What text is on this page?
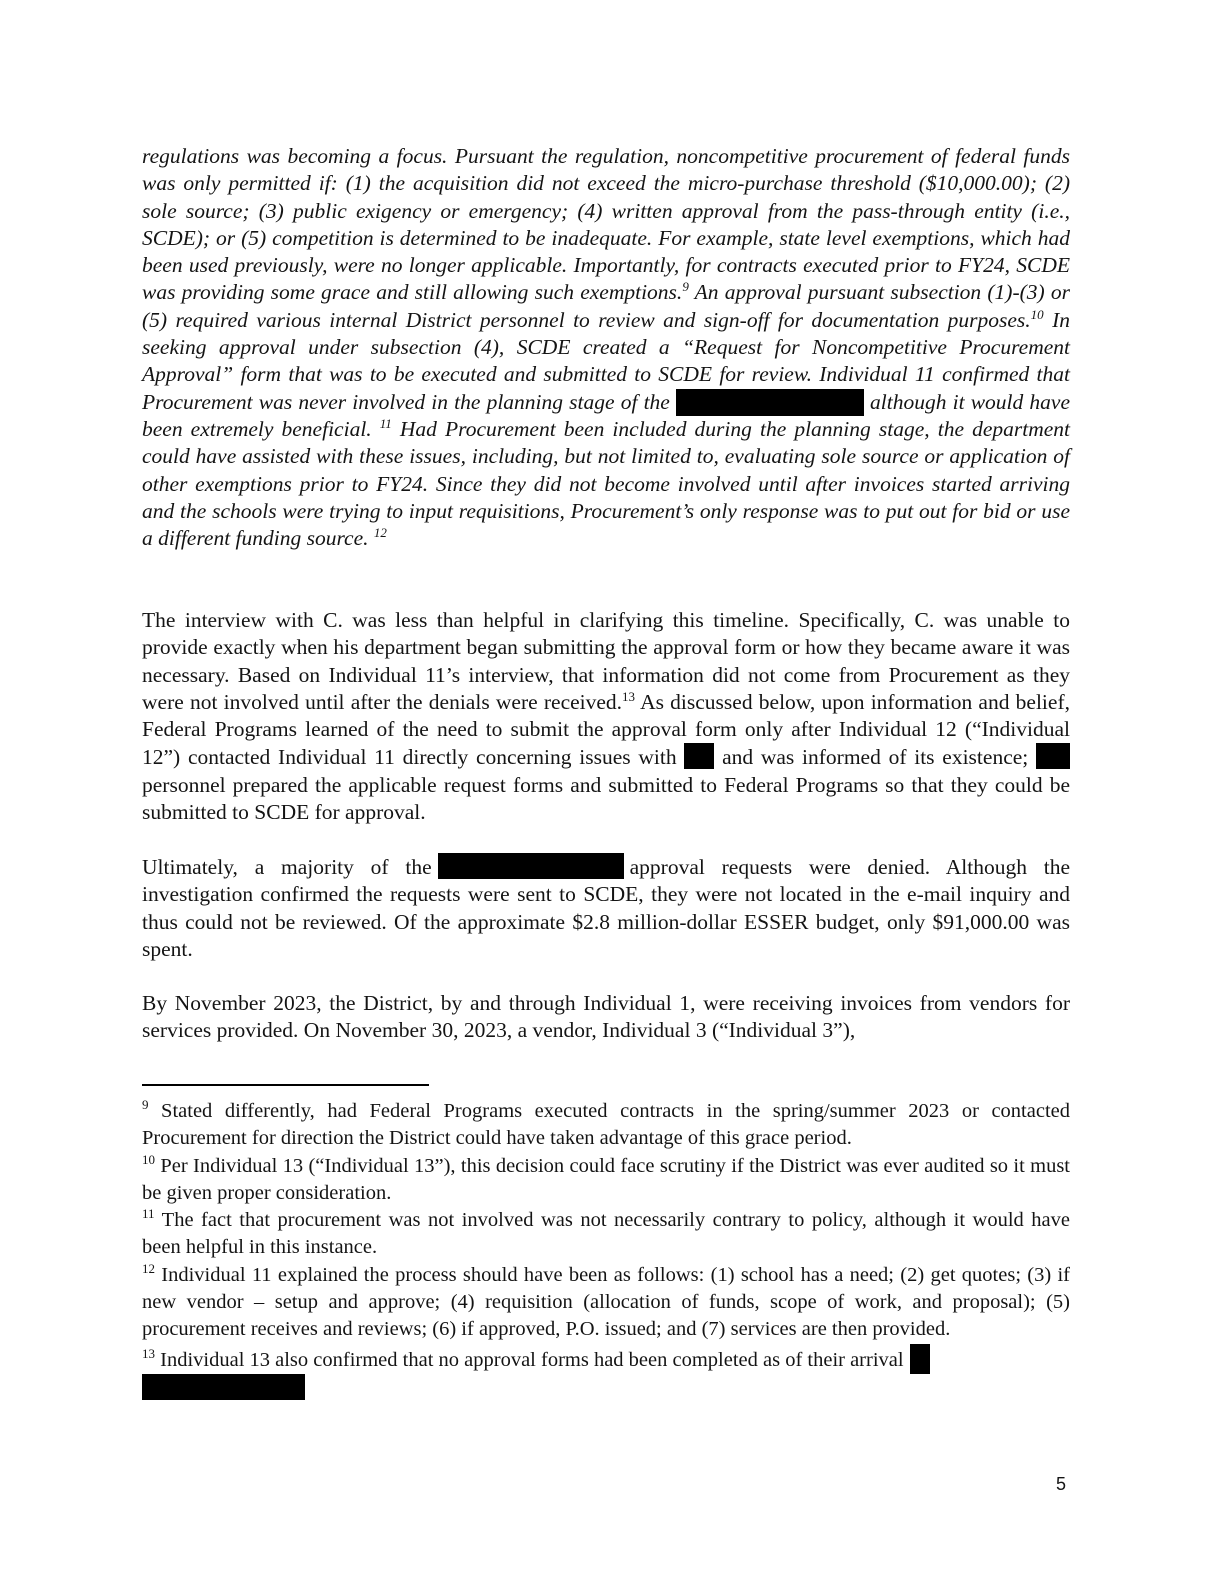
regulations was becoming a focus. Pursuant the regulation, noncompetitive procurement of federal funds was only permitted if: (1) the acquisition did not exceed the micro-purchase threshold ($10,000.00); (2) sole source; (3) public exigency or emergency; (4) written approval from the pass-through entity (i.e., SCDE); or (5) competition is determined to be inadequate. For example, state level exemptions, which had been used previously, were no longer applicable. Importantly, for contracts executed prior to FY24, SCDE was providing some grace and still allowing such exemptions.$^9$ An approval pursuant subsection (1)-(3) or (5) required various internal District personnel to review and sign-off for documentation purposes.$^{10}$ In seeking approval under subsection (4), SCDE created a “Request for Noncompetitive Procurement Approval” form that was to be executed and submitted to SCDE for review. Individual 11 confirmed that Procurement was never involved in the planning stage of the	although it would have been extremely beneficial. $^{11}$ Had Procurement been included during the planning stage, the department could have assisted with these issues, including, but not limited to, evaluating sole source or application of other exemptions prior to FY24. Since they did not become involved until after invoices started arriving and the schools were trying to input requisitions, Procurement’s only response was to put out for bid or use a different funding source. $^{12}$

The interview with C. was less than helpful in clarifying this timeline. Specifically, C. was unable to provide exactly when his department began submitting the approval form or how they became aware it was necessary. Based on Individual 11’s interview, that information did not come from Procurement as they were not involved until after the denials were received.$^{13}$ As discussed below, upon information and belief, Federal Programs learned of the need to submit the approval form only after Individual 12 (“Individual 12”) contacted Individual 11 directly concerning issues with  and was informed of its existence;  personnel prepared the applicable request forms and submitted to Federal Programs so that they could be submitted to SCDE for approval.

Ultimately, a majority of the	approval requests were denied. Although the investigation confirmed the requests were sent to SCDE, they were not located in the e-mail inquiry and thus could not be reviewed. Of the approximate $2.8 million-dollar ESSER budget, only $91,000.00 was spent.

By November 2023, the District, by and through Individual 1, were receiving invoices from vendors for services provided. On November 30, 2023, a vendor, Individual 3 (“Individual 3”),

$^9$ Stated differently, had Federal Programs executed contracts in the spring/summer 2023 or contacted Procurement for direction the District could have taken advantage of this grace period.

$^{10}$ Per Individual 13 (“Individual 13”), this decision could face scrutiny if the District was ever audited so it must be given proper consideration.

$^{11}$ The fact that procurement was not involved was not necessarily contrary to policy, although it would have been helpful in this instance.

$^{12}$ Individual 11 explained the process should have been as follows: (1) school has a need; (2) get quotes; (3) if new vendor – setup and approve; (4) requisition (allocation of funds, scope of work, and proposal); (5) procurement receives and reviews; (6) if approved, P.O. issued; and (7) services are then provided.

$^{13}$ Individual 13 also confirmed that no approval forms had been completed as of their arrival

5
